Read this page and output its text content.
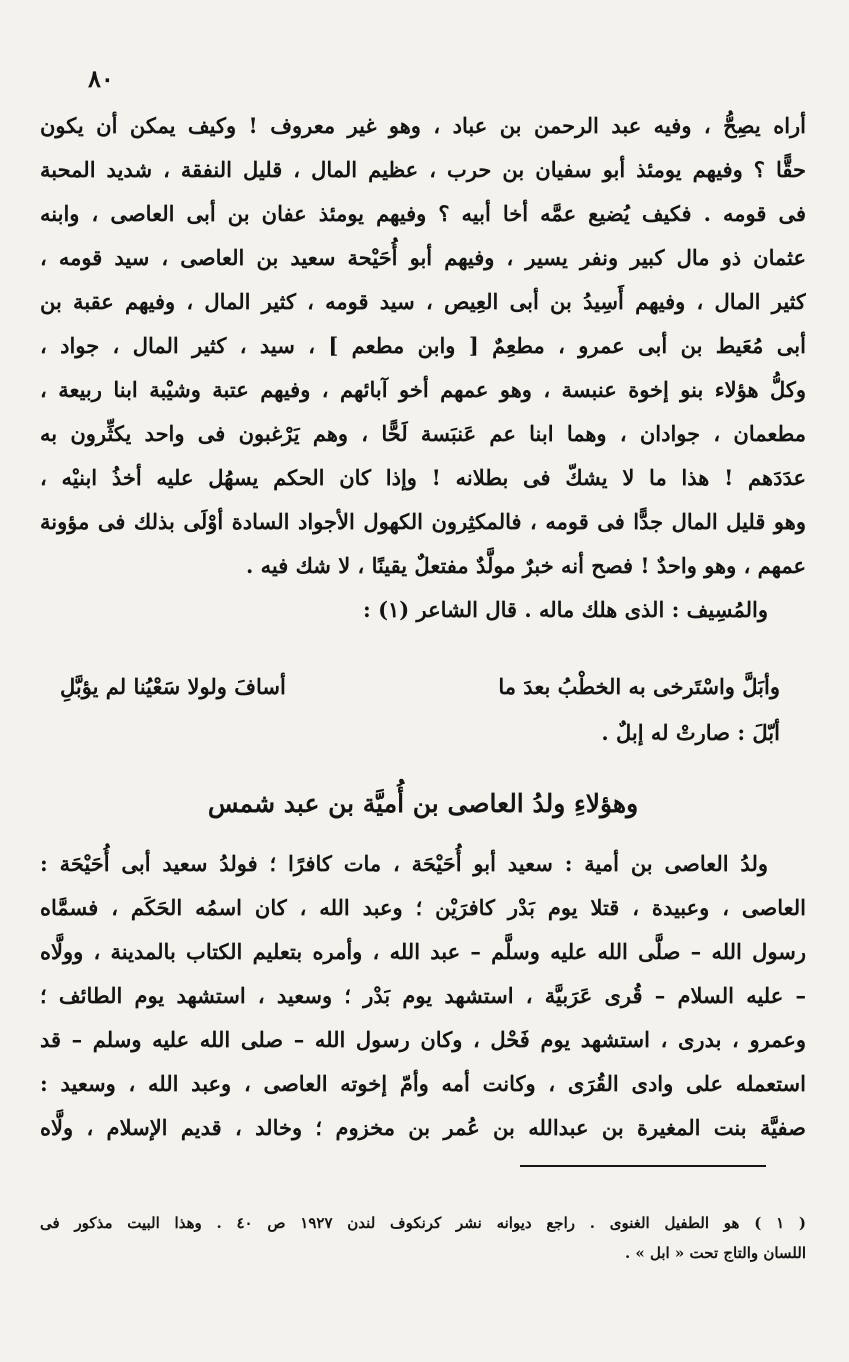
٨٠
أراه يصِحُّ ، وفيه عبد الرحمن بن عباد ، وهو غير معروف ! وكيف يمكن أن يكون
حقًّا ؟ وفيهم يومئذ أبو سفيان بن حرب ، عظيم المال ، قليل النفقة ، شديد المحبة
فى قومه . فكيف يُضيع عمَّه أخا أبيه ؟ وفيهم يومئذ عفان بن أبى العاصى ، وابنه
عثمان ذو مال كبير ونفر يسير ، وفيهم أبو أُحَيْحة سعيد بن العاصى ، سيد قومه ،
كثير المال ، وفيهم أَسِيدُ بن أبى العِيص ، سيد قومه ، كثير المال ، وفيهم عقبة بن
أبى مُعَيط بن أبى عمرو ، مطعِمٌ [ وابن مطعم ] ، سيد ، كثير المال ، جواد ،
وكلُّ هؤلاء بنو إخوة عنبسة ، وهو عمهم أخو آبائهم ، وفيهم عتبة وشيْبة ابنا ربيعة ،
مطعمان ، جوادان ، وهما ابنا عم عَنبَسة لَحًّا ، وهم يَرْغبون فى واحد يكثِّرون به
عدَدَهم ! هذا ما لا يشكّ فى بطلانه ! وإذا كان الحكم يسهُل عليه أخذُ ابنيْه ،
وهو قليل المال جدًّا فى قومه ، فالمكثِرون الكهول الأجواد السادة أوْلَى بذلك فى مؤونة
عمهم ، وهو واحدٌ ! فصح أنه خبرٌ مولَّدٌ مفتعلٌ يقينًا ، لا شك فيه .
والمُسِيف : الذى هلك ماله . قال الشاعر (١) :
وأبَلَّ واسْتَرخى به الخطْبُ بعدَ ما
أسافَ ولولا سَعْيُنا لم يؤبَّلِ
أبّلَ : صارتْ له إبلٌ .
وهؤلاءِ ولدُ العاصى بن أُميَّة بن عبد شمس
ولدُ العاصى بن أمية : سعيد أبو أُحَيْحَة ، مات كافرًا ؛ فولدُ سعيد أبى أُحَيْحَة :
العاصى ، وعبيدة ، قتلا يوم بَدْر كافرَيْن ؛ وعبد الله ، كان اسمُه الحَكَم ، فسمَّاه
رسول الله – صلَّى الله عليه وسلَّم – عبد الله ، وأمره بتعليم الكتاب بالمدينة ، وولَّاه
– عليه السلام – قُرى عَرَبيَّة ، استشهد يوم بَدْر ؛ وسعيد ، استشهد يوم الطائف ؛
وعمرو ، بدرى ، استشهد يوم فَحْل ، وكان رسول الله – صلى الله عليه وسلم – قد
استعمله على وادى القُرَى ، وكانت أمه وأمّ إخوته العاصى ، وعبد الله ، وسعيد :
صفيَّة بنت المغيرة بن عبدالله بن عُمر بن مخزوم ؛ وخالد ، قديم الإسلام ، ولَّاه
( ١ ) هو الطفيل الغنوى . راجع ديوانه نشر كرنكوف لندن ١٩٢٧ ص ٤٠ . وهذا البيت مذكور فى
اللسان والتاج تحت « ابل » .
